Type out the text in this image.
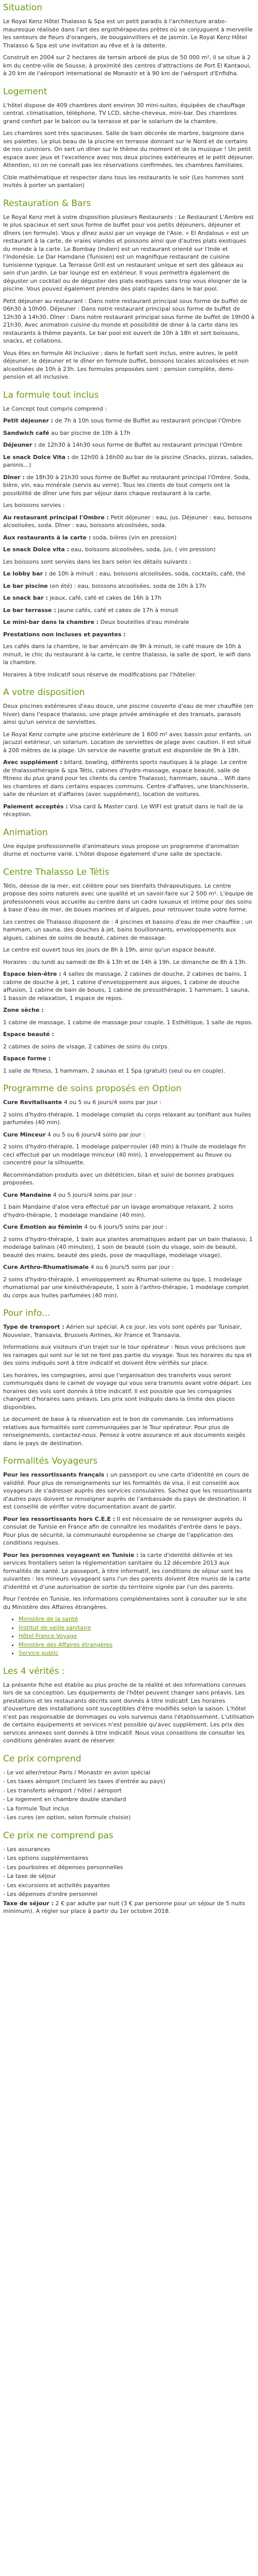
Situation

Le Royal Kenz Hôtel Thalasso & Spa est un petit paradis à l'architecture arabo-mauresque réalisée dans l'art des ergothérapeutes prêtes où se conjuguent à merveille les senteurs de fleurs d'orangers, de bougainvilliers et de jasmin. Le Royal Kenz Hôtel Thalasso & Spa est une invitation au rêve et à la détente.

Construit en 2004 sur 2 hectares de terrain arboré de plus de 50 000 m², il se situe à 2 km du centre-ville de Sousse, à proximité des centres d'attractions de Port El Kantaoui, à 20 km de l'aéroport international de Monastir et à 90 km de l'aéroport d'Enfidha.

Logement

L'hôtel dispose de 409 chambres dont environ 30 mini-suites, équipées de chauffage central, climatisation, téléphone, TV LCD, sèche-cheveux, mini-bar. Des chambres grand confort par le balcon ou la terrasse et par le solarium de la chambre.

Les chambres sont très spacieuses. Salle de bain décorée de marbre, baignoire dans ses palettes. Le plus beau de la piscine en terrasse donnant sur le Nord et de certains de nos cuisiniers. On sert un dîner sur le thème du moment et de la musique ! Un petit espace avec jeux et l'excellence avec nos deux piscines extérieures et le petit déjeuner. Attention, ici on ne connaît pas les réservations confirmées, les chambres familiales.

Cible mathématique et respecter dans tous les restaurants le soir (Les hommes sont invités à porter un pantalon)

Restauration & Bars

Le Royal Kenz met à votre disposition plusieurs Restaurants : Le Restaurant L'Ambre est le plus spacieux et sert sous forme de buffet pour vos petits déjeuners, déjeuner et dîners (en formule). Vous y dînez aussi par un voyage de l'Asie. « El Andalous » est un restaurant à la carte, de vraies viandes et poissons ainsi que d'autres plats exotiques du monde à la carte. Le Bombay (Indien) est un restaurant orienté sur l'Inde et l'Indonésie. Le Dar Hamdane (Tunisien) est un magnifique restaurant de cuisine tunisienne typique. La Terrasse Grill est un restaurant unique et sert des gâteaux au sein d'un jardin. Le bar lounge est en extérieur. Il vous permettra également de déguster un cocktail ou de déguster des plats exotiques sans trop vous éloigner de la piscine. Vous pouvez également prendre des plats rapides dans le bar pool.

Petit déjeuner au restaurant : Dans notre restaurant principal sous forme de buffet de 06h30 à 10h00. Déjeuner : Dans notre restaurant principal sous forme de buffet de 12h30 à 14h30. Dîner : Dans notre restaurant principal sous forme de buffet de 19h00 à 21h30. Avec animation cuisine du monde et possibilité de diner à la carte dans les restaurants à thème payants. Le bar pool est ouvert de 10h à 18h et sert boissons, snacks, et collations.

Vous êtes en formule All Inclusive ; dans le forfait sont inclus, entre autres, le petit déjeuner, le déjeuner et le dîner en formule buffet, boissons locales alcoolisées et non alcoolisées de 10h à 23h. Les formules proposées sont : pension complète, demi-pension et all inclusive.

La formule tout inclus

Le Concept tout compris comprend :

Petit déjeuner : de 7h à 10h sous forme de Buffet au restaurant principal l'Ombre

Sandwich café au bar piscine de 10h à 17h

Déjeuner : de 12h30 à 14h30 sous forme de Buffet au restaurant principal l'Ombre

Le snack Dolce Vita : de 12h00 à 16h00 au bar de la piscine (Snacks, pizzas, salades, paninis...)

Dîner : de 18h30 à 21h30 sous forme de Buffet au restaurant principal l'Ombre. Soda, bière, vin, eau minérale (servis au verre). Tous les clients de tout compris ont la possibilité de dîner une fois par séjour dans chaque restaurant à la carte.

Les boissons servies :

Au restaurant principal l'Ombre : Petit déjeuner : eau, jus. Déjeuner : eau, boissons alcoolisées, soda. Dîner : eau, boissons alcoolisées, soda.

Aux restaurants à la carte : soda, bières (vin en pression)

Le snack Dolce vita : eau, boissons alcoolisées, soda, jus, ( vin pression)

Les boissons sont servies dans les bars selon les détails suivants :

Le lobby bar : de 10h à minuit : eau, boissons alcoolisées, soda, cocktails, café, thé

Le bar piscine (en été) : eau, boissons alcoolisées, soda de 10h à 17h

Le snack bar : jeaux, café, café et cakes de 16h à 17h

Le bar terrasse : jaune cafés, café et cakes de 17h à minuit

Le mini-bar dans la chambre : Deux bouteilles d'eau minérale

Prestations non incluses et payantes :

Les cafés dans la chambre, le bar américain de 9h à minuit, le café maure de 10h à minuit, le chic du restaurant à la carte, le centre thalasso, la salle de sport, le wifi dans la chambre.

Horaires à titre indicatif sous réserve de modifications par l'hôtelier.

A votre disposition

Deux piscines extérieures d'eau douce, une piscine couverte d'eau de mer chauffée (en hiver) dans l'espace thalasso, une plage privée aménagée et des transats, parasols ainsi qu'un service de serviettes.

Le Royal Kenz compte une piscine extérieure de 1 600 m² avec bassin pour enfants, un jacuzzi extérieur, un solarium. Location de serviettes de plage avec caution. Il est situé à 200 mètres de la plage. Un service de navette gratuit est disponible de 9h à 18h.

Avec supplément : billard, bowling, différents sports nautiques à la plage. Le centre de thalassothérapie & spa Tétis, cabines d'hydro-massage, espace beauté, salle de fitness du plus grand pour les clients du centre Thalasso), hammam, sauna... Wifi dans les chambres et dans certains espaces communs. Centre d'affaires, une blanchisserie, salle de réunion et d'affaires (avec supplément), location de voitures.

Paiement acceptés : Visa card & Master card. Le WIFI est gratuit dans le hall de la réception.

Animation

Une équipe professionnelle d'animateurs vous propose un programme d'animation diurne et nocturne varié. L'hôtel dispose également d'une salle de spectacle.

Centre Thalasso Le Tétis

Tétis, déesse de la mer, est célèbre pour ses bienfaits thérapeutiques. Le centre propose des soins naturels avec une qualité et un savoir-faire sur 2 500 m². L'équipe de professionnels vous accueille au centre dans un cadre luxueux et intime pour des soins à base d'eau de mer, de boues marines et d'algues, pour retrouver toute votre forme.

Les centres de Thalasso disposent de : 4 piscines et bassins d'eau de mer chauffée ; un hammam, un sauna, des douches à jet, bains bouillonnants, enveloppements aux algues, cabines de soins de beauté, cabines de massage.

Le centre est ouvert tous les jours de 8h à 19h, ainsi qu'un espace beauté.

Horaires : du lundi au samedi de 8h à 13h et de 14h à 19h. Le dimanche de 8h à 13h.

Espace bien-être : 4 salles de massage, 2 cabines de douche, 2 cabines de bains, 1 cabine de douche à jet, 1 cabine d'enveloppement aux algues, 1 cabine de douche affusion, 1 cabine de bain de boues, 1 cabine de pressothérapie, 1 hammam, 1 sauna, 1 bassin de relaxation, 1 espace de repos.

Zone sèche :

1 cabine de massage, 1 cabine de massage pour couple, 1 Esthétique, 1 salle de repos.

Espace beauté :

2 cabines de soins de visage, 2 cabines de soins du corps.

Espace forme :

1 salle de fitness, 1 hammam, 2 saunas et 1 Spa (gratuit) (seul ou en couple).

Programme de soins proposés en Option

Cure Revitalisante 4 ou 5 ou 6 jours/4 soins par jour :

2 soins d'hydro-thérapie, 1 modelage complet du corps relaxant au tonifiant aux huiles parfumées (40 min).

Cure Minceur 4 ou 5 ou 6 jours/4 soins par jour :

2 soins d'hydro-thérapie, 1 modelage palper-rouler (40 min) à l'huile de modelage fin ceci effectué par un modelage minceur (40 min), 1 enveloppement au fleuve ou concentré pour la silhouette.

Recommandation produits avec un diététicien, bilan et suivi de bonnes pratiques proposées.

Cure Mandaine 4 ou 5 jours/4 soins par jour :

1 bain Mandaine d'aloe vera effectué par un lavage aromatique relaxant, 2 soins d'hydro-thérapie, 1 modelage mandaine (40 min).

Cure Émotion au féminin 4 ou 6 jours/5 soins par jour :

2 soins d'hydro-thérapie, 1 bain aux plantes aromatiques aidant par un bain thalasso, 1 modelage balinais (40 minutes), 1 soin de beauté (soin du visage, soin de beauté, beauté des mains, beauté des pieds, pose de maquillage, modelage visage).

Cure Arthro-Rhumatismale 4 ou 6 jours/5 soins par jour :

2 soins d'hydro-thérapie, 1 enveloppement au Rhumat-soleme ou Ippe, 1 modelage rhumatismal par une kinésithérapeute, 1 soin à l'arthro-thérapie, 1 modelage complet du corps aux huiles parfumées (40 min).

Pour info...

Type de transport : Aérien sur spécial. A ce jour, les vols sont opérés par Tunisair, Nouvelair, Transavia, Brussels Airlines, Air France et Transavia.

Informations aux visiteurs d'un trajet sur le tour opérateur : Nous vous précisons que les rainages qui sont sur le lot ne font pas partie du voyage. Tous les horaires du spa et des soins indiqués sont à titre indicatif et doivent être vérifiés sur place.

Les horaires, les compagnies, ainsi que l'organisation des transferts vous seront communiqués dans le carnet de voyage qui vous sera transmis avant votre départ. Les horaires des vols sont donnés à titre indicatif. Il est possible que les compagnies changent d'horaires sans préavis. Les prix sont indiqués dans la limite des places disponibles.

Le document de base à la réservation est le bon de commande. Les informations relatives aux formalités sont communiquées par le Tour opérateur. Pour plus de renseignements, contactez-nous. Pensez à votre assurance et aux documents exigés dans le pays de destination.

Formalités Voyageurs

Pour les ressortissants français : un passeport ou une carte d'identité en cours de validité. Pour plus de renseignements sur les formalités de visa, il est conseillé aux voyageurs de s'adresser auprès des services consulaires. Sachez que les ressortissants d'autres pays doivent se renseigner auprès de l'ambassade du pays de destination. Il est conseillé de vérifier votre documentation avant de partir.

Pour les ressortissants hors C.E.E : Il est nécessaire de se renseigner auprès du consulat de Tunisie en France afin de connaître les modalités d'entrée dans le pays. Pour plus de sécurité, la communauté européenne se charge de l'application des conditions requises.

Pour les personnes voyageant en Tunisie : la carte d'identité délivrée et les services frontaliers selon la réglementation sanitaire du 12 décembre 2013 aux formalités de santé. Le passeport, à titre informatif, les conditions de séjour sont les suivantes : les mineurs voyageant sans l'un des parents doivent être munis de la carte d'identité et d'une autorisation de sortie du territoire signée par l'un des parents.

Pour l'entrée en Tunisie, les informations complémentaires sont à consulter sur le site du Ministère des Affaires étrangères.

• Ministère de la santé
• Institut de veille sanitaire
• Hôtel France Voyage
• Ministère des Affaires étrangères
• Service public
Les 4 vérités :

La présente fiche est établie au plus proche de la réalité et des informations connues lors de sa conception. Les équipements de l'hôtel peuvent changer sans préavis. Les prestations et les restaurants décrits sont donnés à titre indicatif. Les horaires d'ouverture des installations sont susceptibles d'être modifiés selon la saison. L'hôtel n'est pas responsable de dommages ou vols survenus dans l'établissement. L'utilisation de certains équipements et services n'est possible qu'avec supplément. Les prix des services annexes sont donnés à titre indicatif. Nous vous conseillons de consulter les conditions générales avant de réserver.

Ce prix comprend

- Le vol aller/retour Paris / Monastir en avion spécial

- Les taxes aéroport (incluent les taxes d'entrée au pays)

- Les transferts aéroport / hôtel / aéroport

- Le logement en chambre double standard

- La formule Tout inclus

- Les cures (en option, selon formule choisie)

Ce prix ne comprend pas

- Les assurances

- Les options supplémentaires

- Les pourboires et dépenses personnelles

- La taxe de séjour

- Les excursions et activités payantes

- Les dépenses d'ordre personnel

Taxe de séjour : 2 € par adulte par nuit (3 € par personne pour un séjour de 5 nuits minimum). A régler sur place à partir du 1er octobre 2018.
